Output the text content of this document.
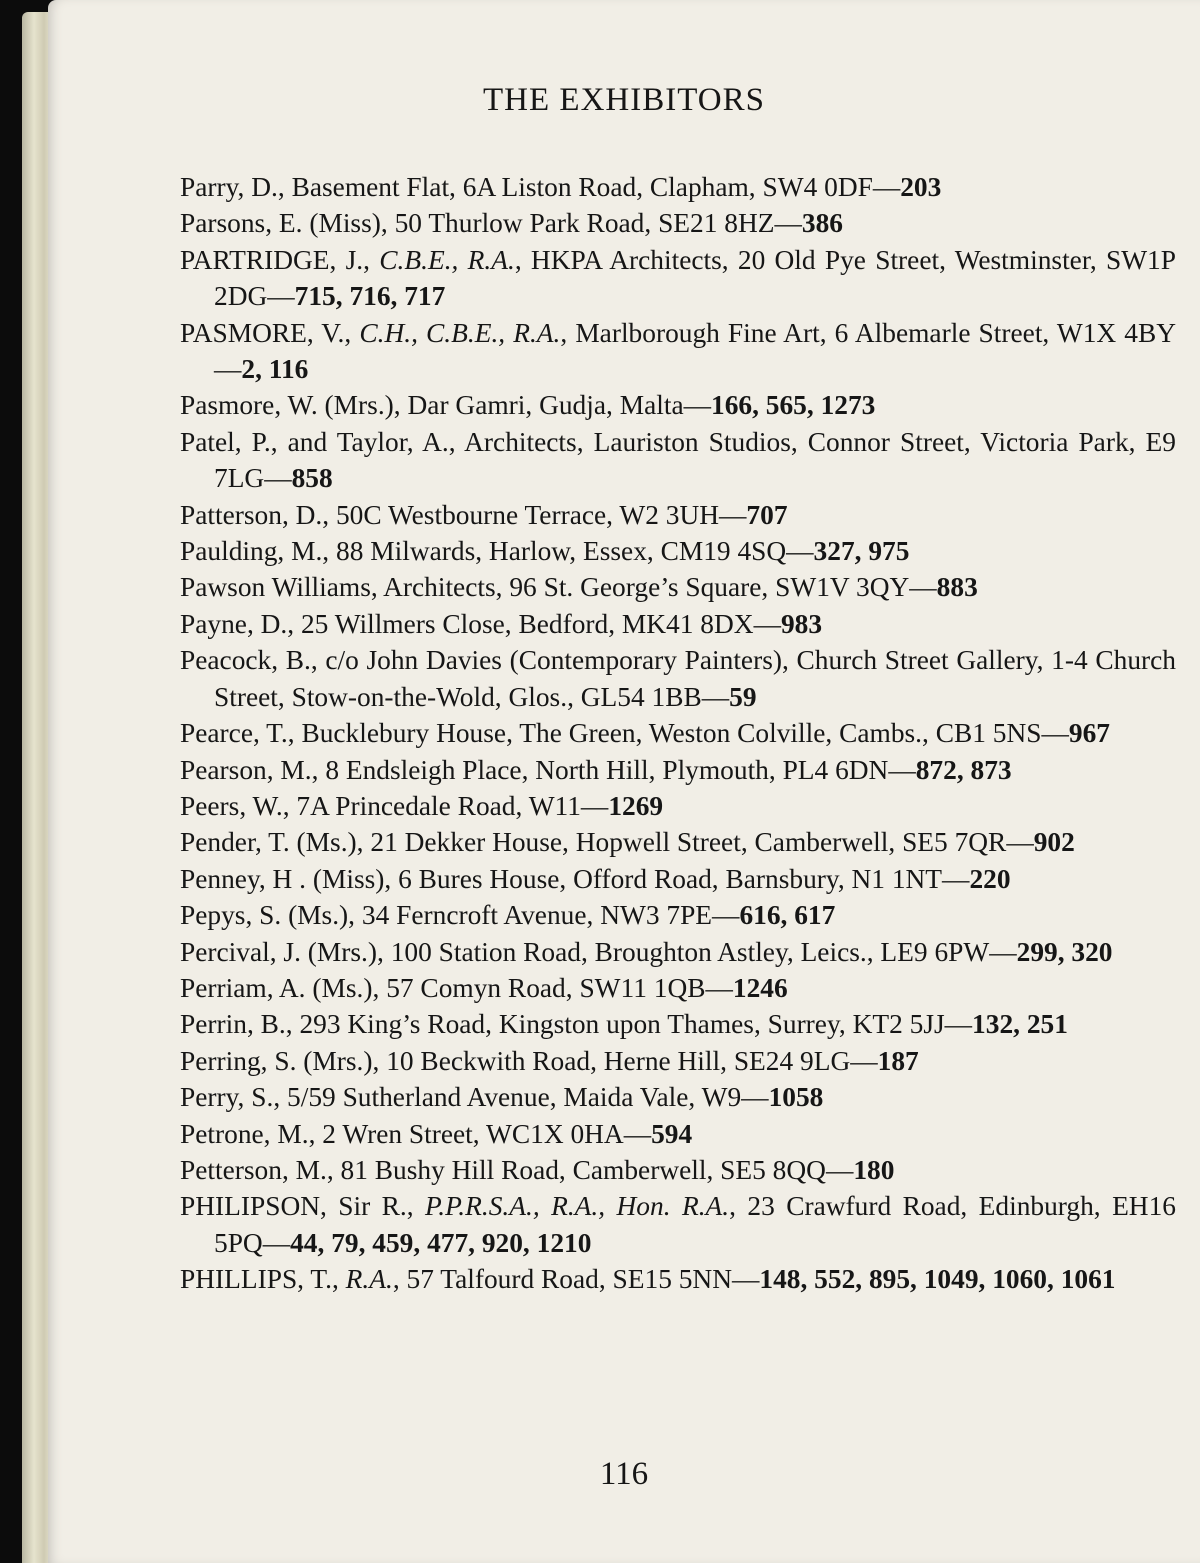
THE EXHIBITORS
Parry, D., Basement Flat, 6A Liston Road, Clapham, SW4 0DF—203
Parsons, E. (Miss), 50 Thurlow Park Road, SE21 8HZ—386
PARTRIDGE, J., C.B.E., R.A., HKPA Architects, 20 Old Pye Street, Westminster, SW1P 2DG—715, 716, 717
PASMORE, V., C.H., C.B.E., R.A., Marlborough Fine Art, 6 Albemarle Street, W1X 4BY—2, 116
Pasmore, W. (Mrs.), Dar Gamri, Gudja, Malta—166, 565, 1273
Patel, P., and Taylor, A., Architects, Lauriston Studios, Connor Street, Victoria Park, E9 7LG—858
Patterson, D., 50C Westbourne Terrace, W2 3UH—707
Paulding, M., 88 Milwards, Harlow, Essex, CM19 4SQ—327, 975
Pawson Williams, Architects, 96 St. George’s Square, SW1V 3QY—883
Payne, D., 25 Willmers Close, Bedford, MK41 8DX—983
Peacock, B., c/o John Davies (Contemporary Painters), Church Street Gallery, 1-4 Church Street, Stow-on-the-Wold, Glos., GL54 1BB—59
Pearce, T., Bucklebury House, The Green, Weston Colville, Cambs., CB1 5NS—967
Pearson, M., 8 Endsleigh Place, North Hill, Plymouth, PL4 6DN—872, 873
Peers, W., 7A Princedale Road, W11—1269
Pender, T. (Ms.), 21 Dekker House, Hopwell Street, Camberwell, SE5 7QR—902
Penney, H . (Miss), 6 Bures House, Offord Road, Barnsbury, N1 1NT—220
Pepys, S. (Ms.), 34 Ferncroft Avenue, NW3 7PE—616, 617
Percival, J. (Mrs.), 100 Station Road, Broughton Astley, Leics., LE9 6PW—299, 320
Perriam, A. (Ms.), 57 Comyn Road, SW11 1QB—1246
Perrin, B., 293 King’s Road, Kingston upon Thames, Surrey, KT2 5JJ—132, 251
Perring, S. (Mrs.), 10 Beckwith Road, Herne Hill, SE24 9LG—187
Perry, S., 5/59 Sutherland Avenue, Maida Vale, W9—1058
Petrone, M., 2 Wren Street, WC1X 0HA—594
Petterson, M., 81 Bushy Hill Road, Camberwell, SE5 8QQ—180
PHILIPSON, Sir R., P.P.R.S.A., R.A., Hon. R.A., 23 Crawfurd Road, Edinburgh, EH16 5PQ—44, 79, 459, 477, 920, 1210
PHILLIPS, T., R.A., 57 Talfourd Road, SE15 5NN—148, 552, 895, 1049, 1060, 1061
116
